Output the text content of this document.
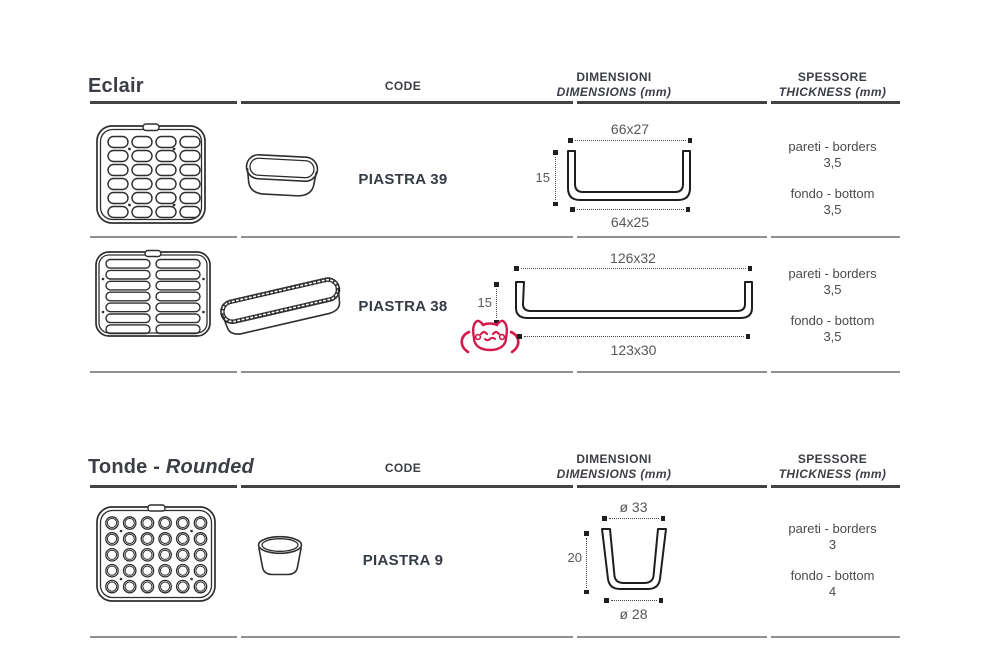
Eclair	CODE
DIMENSIONI
DIMENSIONS (mm)
SPESSORE
THICKNESS (mm)
PIASTRA 39
66x27
15
64x25
pareti - borders
3,5
fondo - bottom
3,5
PIASTRA 38
126x32
15
123x30
pareti - borders
3,5
fondo - bottom
3,5
Tonde - Rounded	CODE
DIMENSIONI
DIMENSIONS (mm)
SPESSORE
THICKNESS (mm)
PIASTRA 9
ø 33
20
ø 28
pareti - borders
3
fondo - bottom
4
